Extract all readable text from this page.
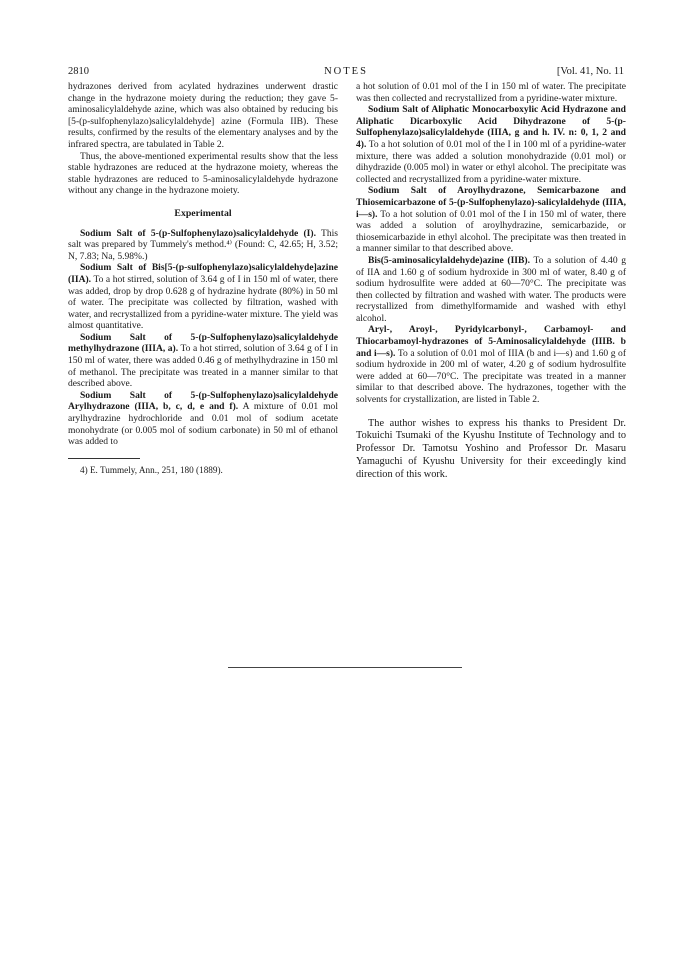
2810	NOTES	[Vol. 41, No. 11

hydrazones derived from acylated hydrazines underwent drastic change in the hydrazone moiety during the reduction; they gave 5-aminosalicylaldehyde azine, which was also obtained by reducing bis [5-(p-sulfophenylazo)salicylaldehyde] azine (Formula IIB). These results, confirmed by the results of the elementary analyses and by the infrared spectra, are tabulated in Table 2.

Thus, the above-mentioned experimental results show that the less stable hydrazones are reduced at the hydrazone moiety, whereas the stable hydrazones are reduced to 5-aminosalicylaldehyde hydrazone without any change in the hydrazone moiety.

Experimental

Sodium Salt of 5-(p-Sulfophenylazo)salicylaldehyde (I). This salt was prepared by Tummely's method.⁴⁾ (Found: C, 42.65; H, 3.52; N, 7.83; Na, 5.98%.)

Sodium Salt of Bis[5-(p-sulfophenylazo)salicylaldehyde]azine (IIA). To a hot stirred, solution of 3.64 g of I in 150 ml of water, there was added, drop by drop 0.628 g of hydrazine hydrate (80%) in 50 ml of water. The precipitate was collected by filtration, washed with water, and recrystallized from a pyridine-water mixture. The yield was almost quantitative.

Sodium Salt of 5-(p-Sulfophenylazo)salicylaldehyde methylhydrazone (IIIA, a). To a hot stirred, solution of 3.64 g of I in 150 ml of water, there was added 0.46 g of methylhydrazine in 150 ml of methanol. The precipitate was treated in a manner similar to that described above.

Sodium Salt of 5-(p-Sulfophenylazo)salicylaldehyde Arylhydrazone (IIIA, b, c, d, e and f). A mixture of 0.01 mol arylhydrazine hydrochloride and 0.01 mol of sodium acetate monohydrate (or 0.005 mol of sodium carbonate) in 50 ml of ethanol was added to

4) E. Tummely, Ann., 251, 180 (1889).

a hot solution of 0.01 mol of the I in 150 ml of water. The precipitate was then collected and recrystallized from a pyridine-water mixture.

Sodium Salt of Aliphatic Monocarboxylic Acid Hydrazone and Aliphatic Dicarboxylic Acid Dihydrazone of 5-(p-Sulfophenylazo)salicylaldehyde (IIIA, g and h. IV. n: 0, 1, 2 and 4). To a hot solution of 0.01 mol of the I in 100 ml of a pyridine-water mixture, there was added a solution monohydrazide (0.01 mol) or dihydrazide (0.005 mol) in water or ethyl alcohol. The precipitate was collected and recrystallized from a pyridine-water mixture.

Sodium Salt of Aroylhydrazone, Semicarbazone and Thiosemicarbazone of 5-(p-Sulfophenylazo)-salicylaldehyde (IIIA, i—s). To a hot solution of 0.01 mol of the I in 150 ml of water, there was added a solution of aroylhydrazine, semicarbazide, or thiosemicarbazide in ethyl alcohol. The precipitate was then treated in a manner similar to that described above.

Bis(5-aminosalicylaldehyde)azine (IIB). To a solution of 4.40 g of IIA and 1.60 g of sodium hydroxide in 300 ml of water, 8.40 g of sodium hydrosulfite were added at 60—70°C. The precipitate was then collected by filtration and washed with water. The products were recrystallized from dimethylformamide and washed with ethyl alcohol.

Aryl-, Aroyl-, Pyridylcarbonyl-, Carbamoyl- and Thiocarbamoyl-hydrazones of 5-Aminosalicylaldehyde (IIIB. b and i—s). To a solution of 0.01 mol of IIIA (b and i—s) and 1.60 g of sodium hydroxide in 200 ml of water, 4.20 g of sodium hydrosulfite were added at 60—70°C. The precipitate was treated in a manner similar to that described above. The hydrazones, together with the solvents for crystallization, are listed in Table 2.

The author wishes to express his thanks to President Dr. Tokuichi Tsumaki of the Kyushu Institute of Technology and to Professor Dr. Tamotsu Yoshino and Professor Dr. Masaru Yamaguchi of Kyushu University for their exceedingly kind direction of this work.
